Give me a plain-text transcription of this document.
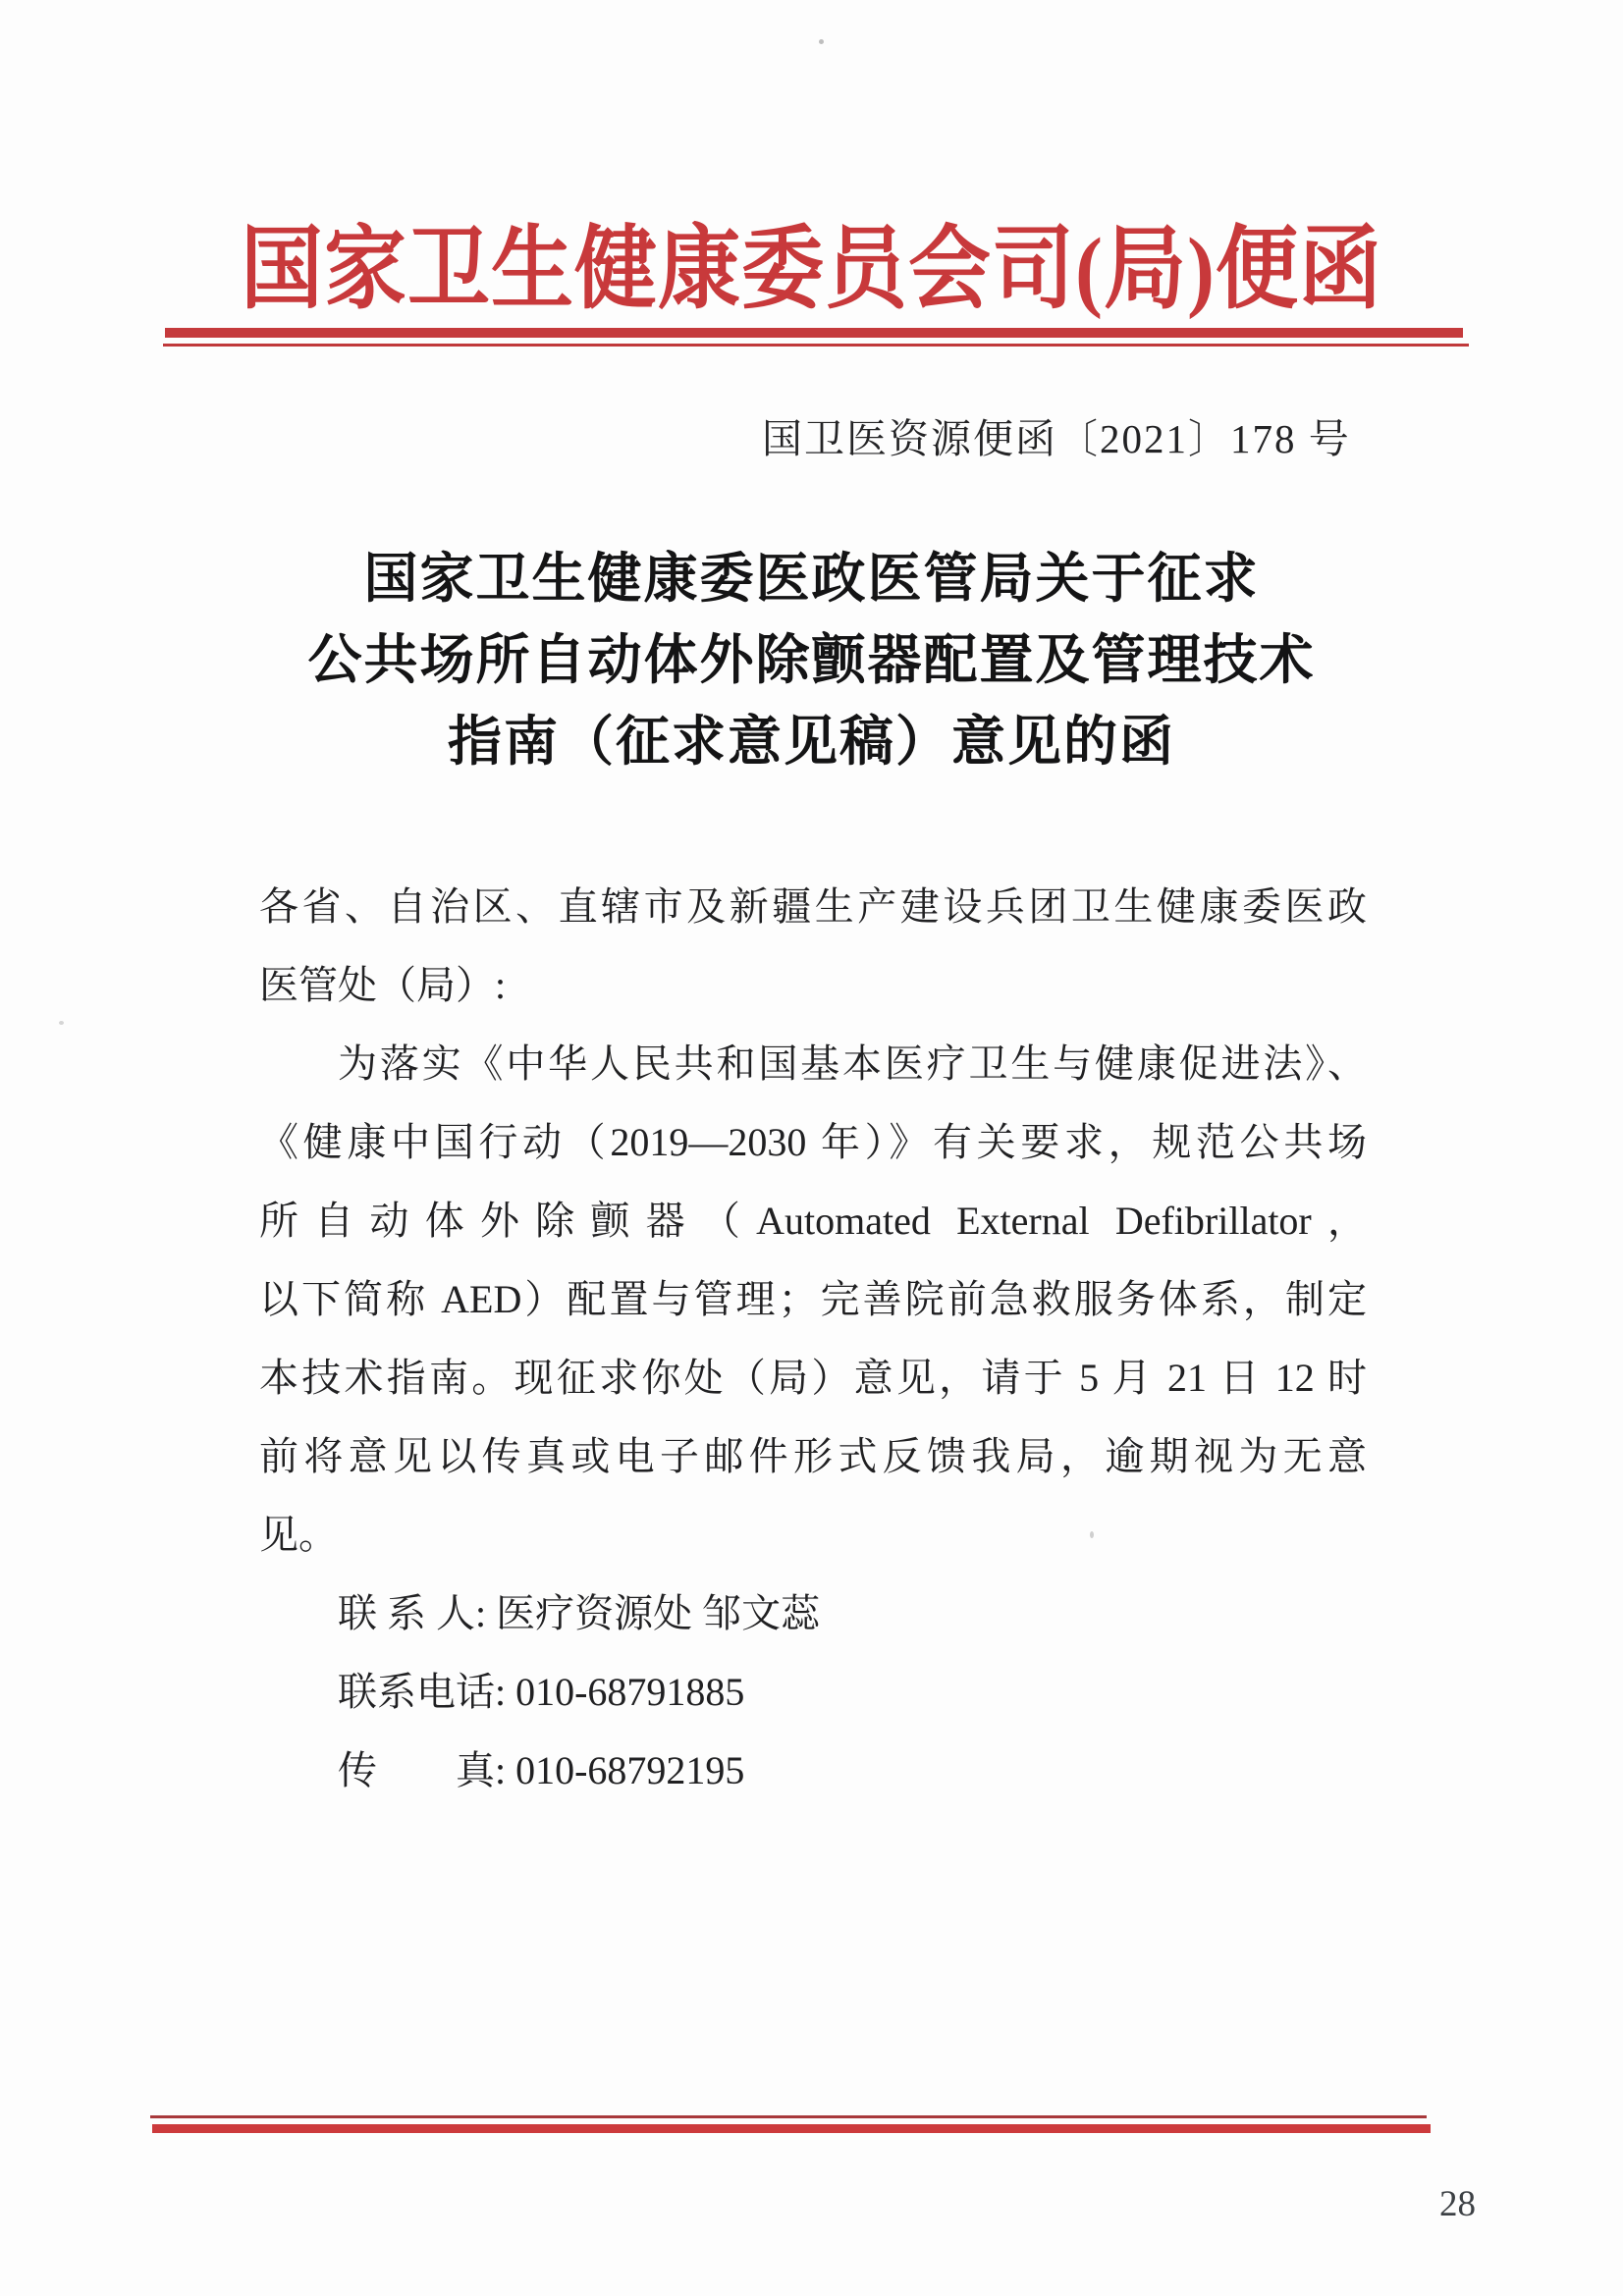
国家卫生健康委员会司(局)便函
国卫医资源便函〔2021〕178 号
国家卫生健康委医政医管局关于征求
公共场所自动体外除颤器配置及管理技术
指南（征求意见稿）意见的函
各省、自治区、直辖市及新疆生产建设兵团卫生健康委医政
医管处（局）:
为落实《中华人民共和国基本医疗卫生与健康促进法》、
《健康中国行动（2019—2030 年）》有关要求，规范公共场
所自动体外除颤器（Automated External Defibrillator，
以下简称 AED）配置与管理；完善院前急救服务体系，制定
本技术指南。现征求你处（局）意见，请于 5 月 21 日 12 时
前将意见以传真或电子邮件形式反馈我局，逾期视为无意
见。
联 系 人: 医疗资源处 邹文蕊
联系电话: 010-68791885
传　　真: 010-68792195
28
